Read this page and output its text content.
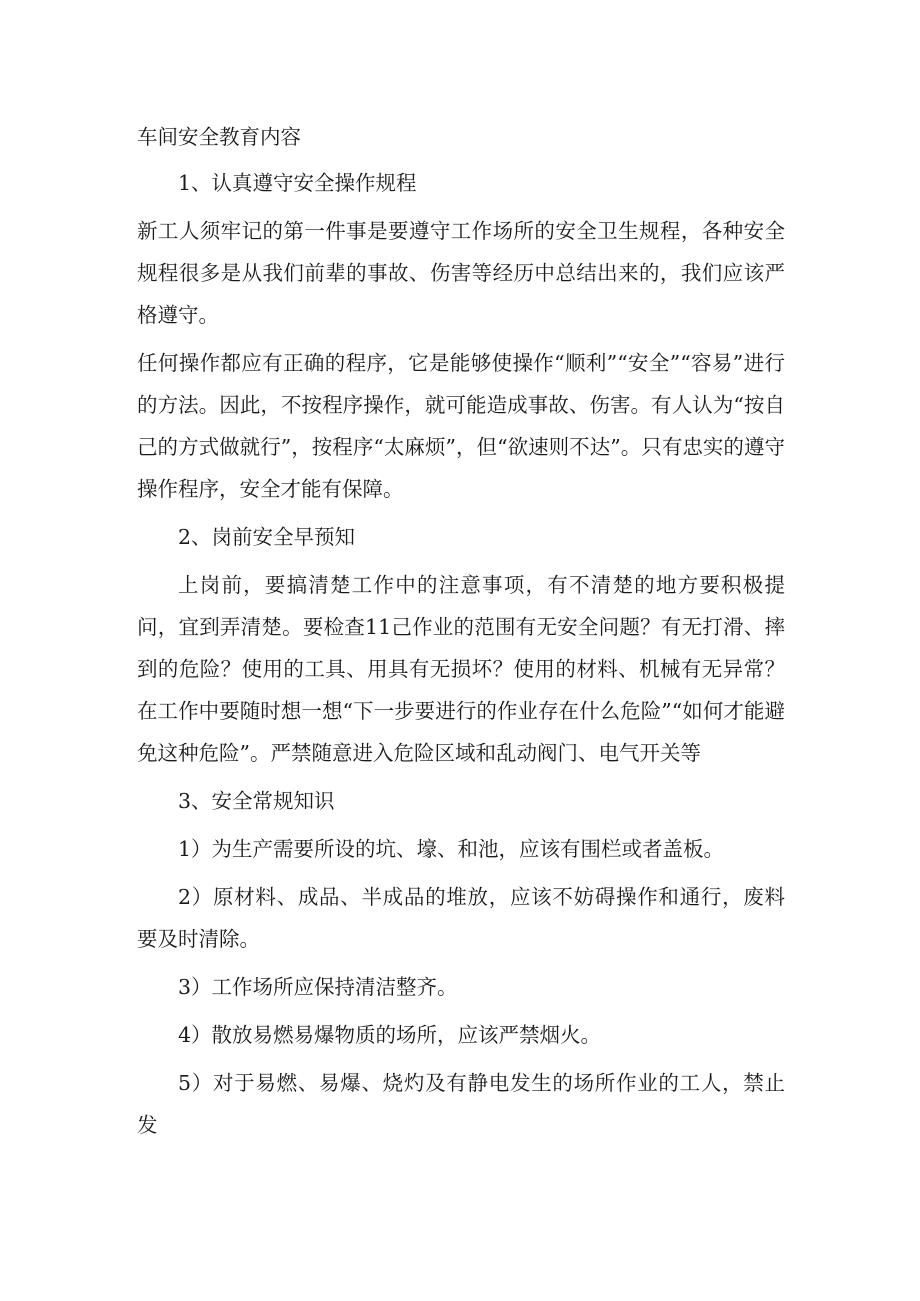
车间安全教育内容

1、认真遵守安全操作规程

新工人须牢记的第一件事是要遵守工作场所的安全卫生规程，各种安全规程很多是从我们前辈的事故、伤害等经历中总结出来的，我们应该严格遵守。

任何操作都应有正确的程序，它是能够使操作“顺利”“安全”“容易”进行的方法。因此，不按程序操作，就可能造成事故、伤害。有人认为“按自己的方式做就行”，按程序“太麻烦”，但“欲速则不达”。只有忠实的遵守操作程序，安全才能有保障。

2、岗前安全早预知

上岗前，要搞清楚工作中的注意事项，有不清楚的地方要积极提问，宜到弄清楚。要检查11己作业的范围有无安全问题？有无打滑、摔到的危险？使用的工具、用具有无损坏？使用的材料、机械有无异常？在工作中要随时想一想“下一步要进行的作业存在什么危险”“如何才能避免这种危险”。严禁随意进入危险区域和乱动阀门、电气开关等

3、安全常规知识

1）为生产需要所设的坑、壕、和池，应该有围栏或者盖板。

2）原材料、成品、半成品的堆放，应该不妨碍操作和通行，废料要及时清除。

3）工作场所应保持清洁整齐。

4）散放易燃易爆物质的场所，应该严禁烟火。

5）对于易燃、易爆、烧灼及有静电发生的场所作业的工人，禁止发
